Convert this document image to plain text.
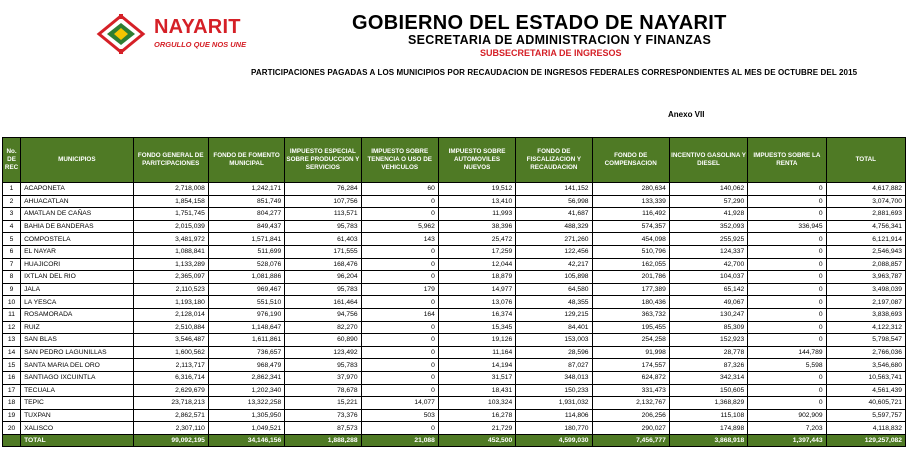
NAYARIT
ORGULLO QUE NOS UNE
GOBIERNO DEL ESTADO DE NAYARIT
SECRETARIA DE ADMINISTRACION Y FINANZAS
SUBSECRETARIA DE INGRESOS
PARTICIPACIONES PAGADAS A LOS MUNICIPIOS POR RECAUDACION DE INGRESOS FEDERALES CORRESPONDIENTES AL MES DE OCTUBRE DEL 2015
Anexo VII
No. DE REC	MUNICIPIOS	FONDO GENERAL DE PARITCIPACIONES	FONDO DE FOMENTO MUNICIPAL	IMPUESTO ESPECIAL SOBRE PRODUCCION Y SERVICIOS	IMPUESTO SOBRE TENENCIA O USO DE VEHICULOS	IMPUESTO SOBRE AUTOMOVILES NUEVOS	FONDO DE FISCALIZACION Y RECAUDACION	FONDO DE COMPENSACION	INCENTIVO GASOLINA Y DIESEL	IMPUESTO SOBRE LA RENTA	TOTAL
1	ACAPONETA	2,718,008	1,242,171	76,284	60	19,512	141,152	280,634	140,062	0	4,617,882
2	AHUACATLAN	1,854,158	851,749	107,756	0	13,410	56,998	133,339	57,290	0	3,074,700
3	AMATLAN DE CAÑAS	1,751,745	804,277	113,571	0	11,993	41,687	116,492	41,928	0	2,881,693
4	BAHIA DE BANDERAS	2,015,039	849,437	95,783	5,962	38,396	488,329	574,357	352,093	336,945	4,756,341
5	COMPOSTELA	3,481,972	1,571,841	61,403	143	25,472	271,260	454,098	255,925	0	6,121,914
6	EL NAYAR	1,088,841	511,699	171,555	0	17,259	122,456	510,796	124,337	0	2,546,943
7	HUAJICORI	1,133,289	528,076	168,476	0	12,044	42,217	162,055	42,700	0	2,088,857
8	IXTLAN DEL RIO	2,365,097	1,081,886	96,204	0	18,879	105,898	201,786	104,037	0	3,963,787
9	JALA	2,110,523	969,467	95,783	179	14,977	64,580	177,389	65,142	0	3,498,039
10	LA YESCA	1,193,180	551,510	161,464	0	13,076	48,355	180,436	49,067	0	2,197,087
11	ROSAMORADA	2,128,014	976,190	94,756	164	16,374	129,215	363,732	130,247	0	3,838,693
12	RUIZ	2,510,884	1,148,647	82,270	0	15,345	84,401	195,455	85,309	0	4,122,312
13	SAN BLAS	3,546,487	1,611,861	60,890	0	19,126	153,003	254,258	152,923	0	5,798,547
14	SAN PEDRO LAGUNILLAS	1,600,562	736,657	123,492	0	11,164	28,596	91,998	28,778	144,789	2,766,036
15	SANTA MARIA DEL ORO	2,113,717	968,479	95,783	0	14,194	87,027	174,557	87,326	5,598	3,546,680
16	SANTIAGO IXCUINTLA	6,316,714	2,862,341	37,970	0	31,517	348,013	624,872	342,314	0	10,563,741
17	TECUALA	2,629,679	1,202,340	78,678	0	18,431	150,233	331,473	150,605	0	4,561,439
18	TEPIC	23,718,213	13,322,258	15,221	14,077	103,324	1,931,032	2,132,767	1,368,829	0	40,605,721
19	TUXPAN	2,862,571	1,305,950	73,376	503	16,278	114,806	206,256	115,108	902,909	5,597,757
20	XALISCO	2,307,110	1,049,521	87,573	0	21,729	180,770	290,027	174,898	7,203	4,118,832
	TOTAL	99,092,195	34,146,156	1,888,288	21,088	452,500	4,599,030	7,456,777	3,868,918	1,397,443	129,257,082
